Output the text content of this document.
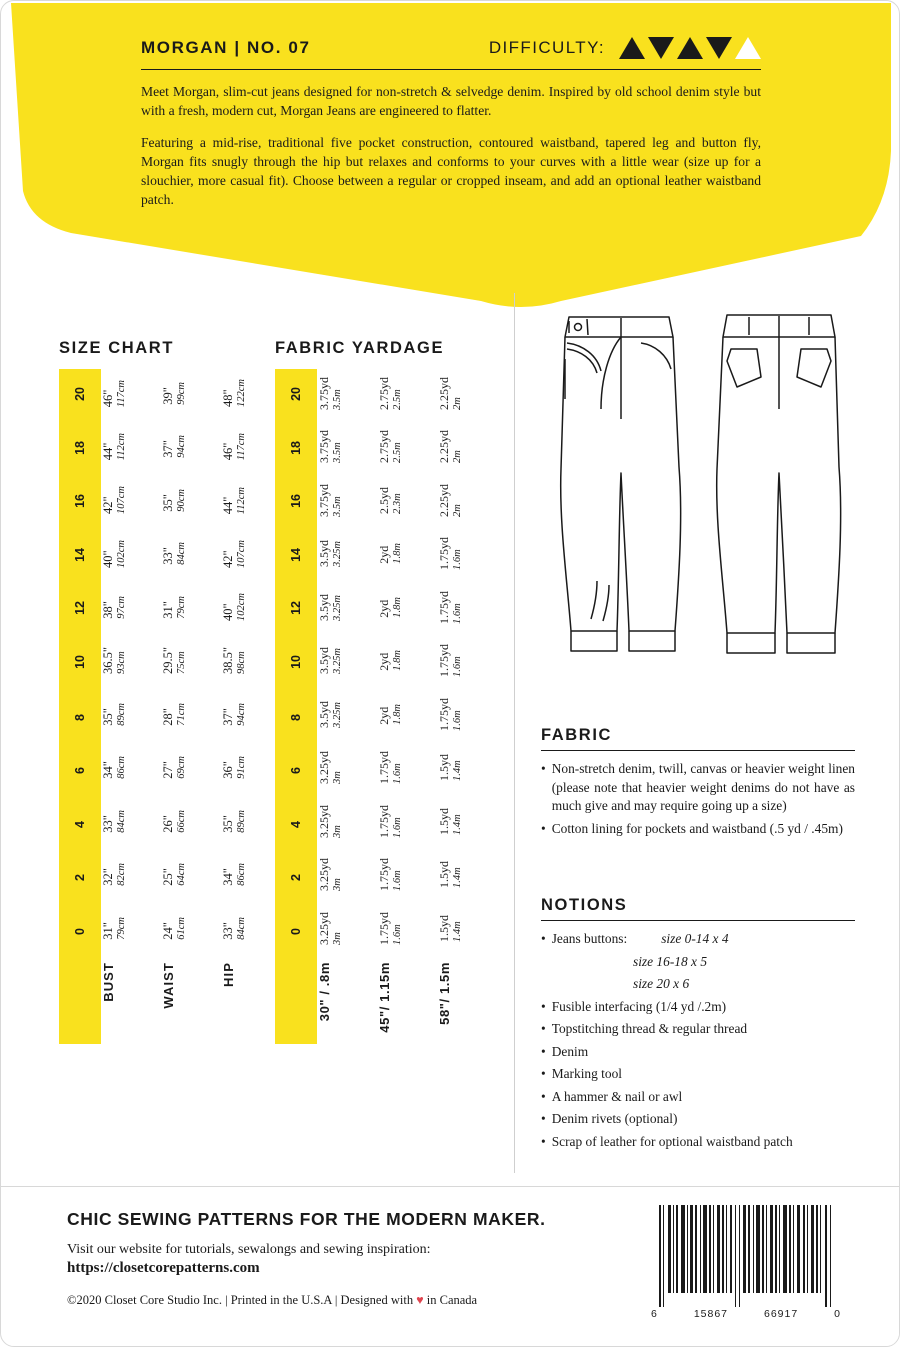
MORGAN | NO. 07	DIFFICULTY:

Meet Morgan, slim-cut jeans designed for non-stretch & selvedge denim. Inspired by old school denim style but with a fresh, modern cut, Morgan Jeans are engineered to flatter.

Featuring a mid-rise, traditional five pocket construction, contoured waistband, tapered leg and button fly, Morgan fits snugly through the hip but relaxes and conforms to your curves with a little wear (size up for a slouchier, more casual fit). Choose between a regular or cropped inseam, and add an optional leather waistband patch.

SIZE CHART	FABRIC YARDAGE
20	46" 117cm	39" 99cm	48" 122cm

18	44" 112cm	37" 94cm	46" 117cm

16	42" 107cm	35" 90cm	44" 112cm

14	40" 102cm	33" 84cm	42" 107cm

12	38" 97cm	31" 79cm	40" 102cm

10	36.5" 93cm	29.5" 75cm	38.5" 98cm

8	35" 89cm	28" 71cm	37" 94cm

6	34" 86cm	27" 69cm	36" 91cm

4	33" 84cm	26" 66cm	35" 89cm

2	32" 82cm	25" 64cm	34" 86cm

0	31" 79cm	24" 61cm	33" 84cm

	BUST	WAIST	HIP
20	3.75yd 3.5m	2.75yd 2.5m	2.25yd 2m

18	3.75yd 3.5m	2.75yd 2.5m	2.25yd 2m

16	3.75yd 3.5m	2.5yd 2.3m	2.25yd 2m

14	3.5yd 3.25m	2yd 1.8m	1.75yd 1.6m

12	3.5yd 3.25m	2yd 1.8m	1.75yd 1.6m

10	3.5yd 3.25m	2yd 1.8m	1.75yd 1.6m

8	3.5yd 3.25m	2yd 1.8m	1.75yd 1.6m

6	3.25yd 3m	1.75yd 1.6m	1.5yd 1.4m

4	3.25yd 3m	1.75yd 1.6m	1.5yd 1.4m

2	3.25yd 3m	1.75yd 1.6m	1.5yd 1.4m

0	3.25yd 3m	1.75yd 1.6m	1.5yd 1.4m

	30" / .8m	45"/ 1.15m	58"/ 1.5m
FABRIC
• Non-stretch denim, twill, canvas or heavier weight linen (please note that heavier weight denims do not have as much give and may require going up a size)
• Cotton lining for pockets and waistband (.5 yd / .45m)
NOTIONS
• Jeans buttons:	size 0-14 x 4
size 16-18 x 5
size 20 x 6
• Fusible interfacing (1/4 yd /.2m)
• Topstitching thread & regular thread
• Denim
• Marking tool
• A hammer & nail or awl
• Denim rivets (optional)
• Scrap of leather for optional waistband patch
CHIC SEWING PATTERNS FOR THE MODERN MAKER.
Visit our website for tutorials, sewalongs and sewing inspiration:
https://closetcorepatterns.com
©2020 Closet Core Studio Inc. | Printed in the U.S.A | Designed with ♥ in Canada
6	15867	66917	0
